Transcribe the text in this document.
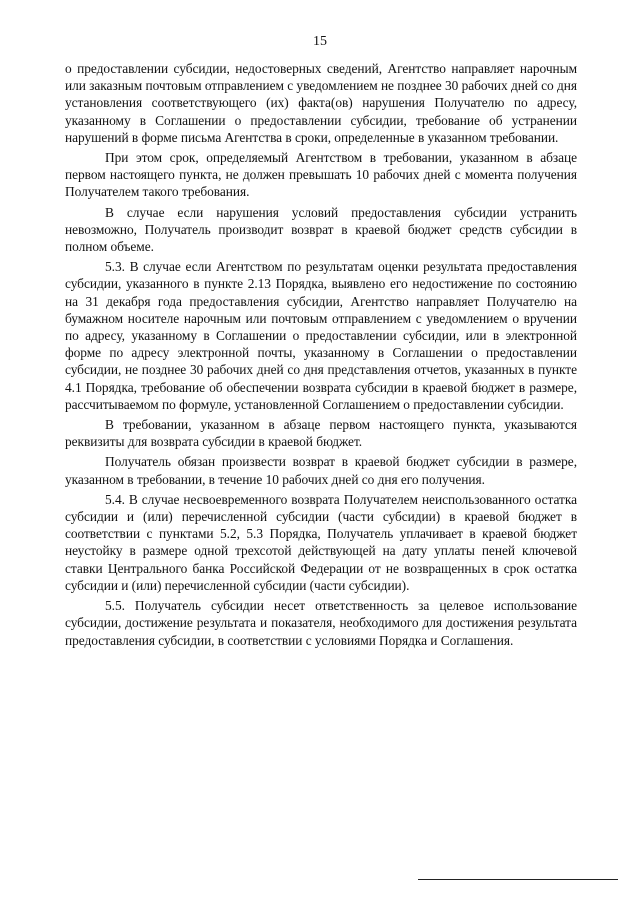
15

о предоставлении субсидии, недостоверных сведений, Агентство направляет нарочным или заказным почтовым отправлением с уведомлением не позднее 30 рабочих дней со дня установления соответствующего (их) факта(ов) нарушения Получателю по адресу, указанному в Соглашении о предоставлении субсидии, требование об устранении нарушений в форме письма Агентства в сроки, определенные в указанном требовании.

При этом срок, определяемый Агентством в требовании, указанном в абзаце первом настоящего пункта, не должен превышать 10 рабочих дней с момента получения Получателем такого требования.

В случае если нарушения условий предоставления субсидии устранить невозможно, Получатель производит возврат в краевой бюджет средств субсидии в полном объеме.

5.3. В случае если Агентством по результатам оценки результата предоставления субсидии, указанного в пункте 2.13 Порядка, выявлено его недостижение по состоянию на 31 декабря года предоставления субсидии, Агентство направляет Получателю на бумажном носителе нарочным или почтовым отправлением с уведомлением о вручении по адресу, указанному в Соглашении о предоставлении субсидии, или в электронной форме по адресу электронной почты, указанному в Соглашении о предоставлении субсидии, не позднее 30 рабочих дней со дня представления отчетов, указанных в пункте 4.1 Порядка, требование об обеспечении возврата субсидии в краевой бюджет в размере, рассчитываемом по формуле, установленной Соглашением о предоставлении субсидии.

В требовании, указанном в абзаце первом настоящего пункта, указываются реквизиты для возврата субсидии в краевой бюджет.

Получатель обязан произвести возврат в краевой бюджет субсидии в размере, указанном в требовании, в течение 10 рабочих дней со дня его получения.

5.4. В случае несвоевременного возврата Получателем неиспользованного остатка субсидии и (или) перечисленной субсидии (части субсидии) в краевой бюджет в соответствии с пунктами 5.2, 5.3 Порядка, Получатель уплачивает в краевой бюджет неустойку в размере одной трехсотой действующей на дату уплаты пеней ключевой ставки Центрального банка Российской Федерации от не возвращенных в срок остатка субсидии и (или) перечисленной субсидии (части субсидии).

5.5. Получатель субсидии несет ответственность за целевое использование субсидии, достижение результата и показателя, необходимого для достижения результата предоставления субсидии, в соответствии с условиями Порядка и Соглашения.
